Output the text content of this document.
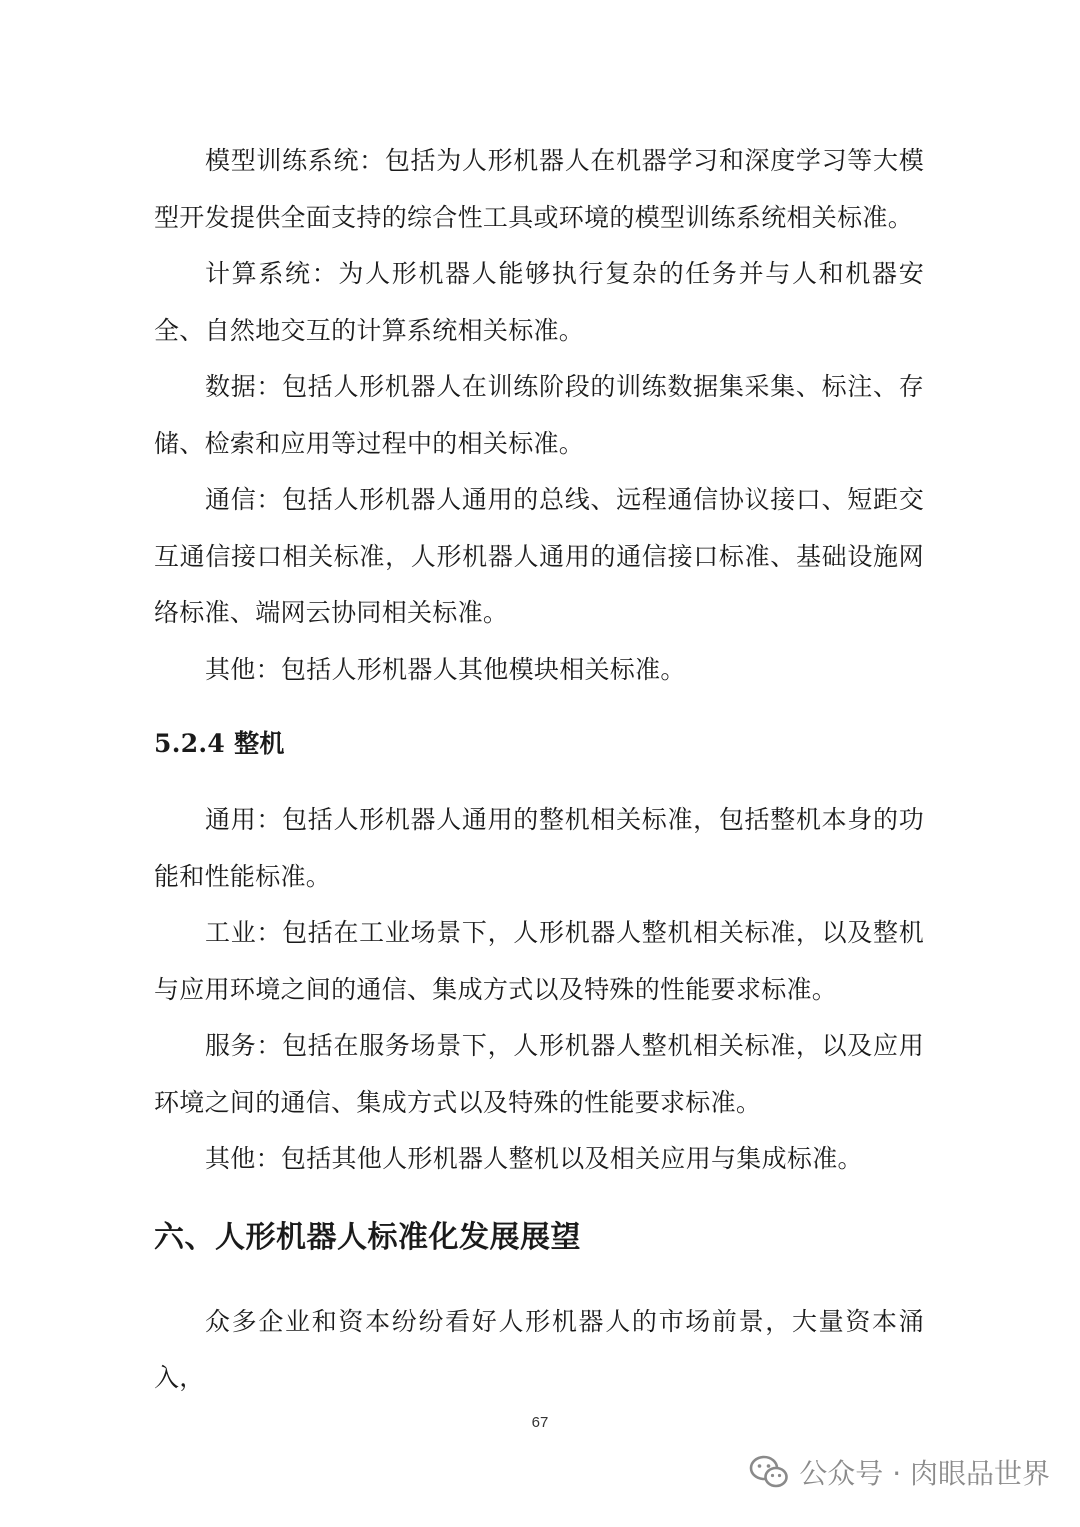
模型训练系统：包括为人形机器人在机器学习和深度学习等大模型开发提供全面支持的综合性工具或环境的模型训练系统相关标准。

计算系统：为人形机器人能够执行复杂的任务并与人和机器安全、自然地交互的计算系统相关标准。

数据：包括人形机器人在训练阶段的训练数据集采集、标注、存储、检索和应用等过程中的相关标准。

通信：包括人形机器人通用的总线、远程通信协议接口、短距交互通信接口相关标准，人形机器人通用的通信接口标准、基础设施网络标准、端网云协同相关标准。

其他：包括人形机器人其他模块相关标准。

5.2.4 整机

通用：包括人形机器人通用的整机相关标准，包括整机本身的功能和性能标准。

工业：包括在工业场景下，人形机器人整机相关标准，以及整机与应用环境之间的通信、集成方式以及特殊的性能要求标准。

服务：包括在服务场景下，人形机器人整机相关标准，以及应用环境之间的通信、集成方式以及特殊的性能要求标准。

其他：包括其他人形机器人整机以及相关应用与集成标准。

六、人形机器人标准化发展展望

众多企业和资本纷纷看好人形机器人的市场前景，大量资本涌入，

67
公众号 · 肉眼品世界
